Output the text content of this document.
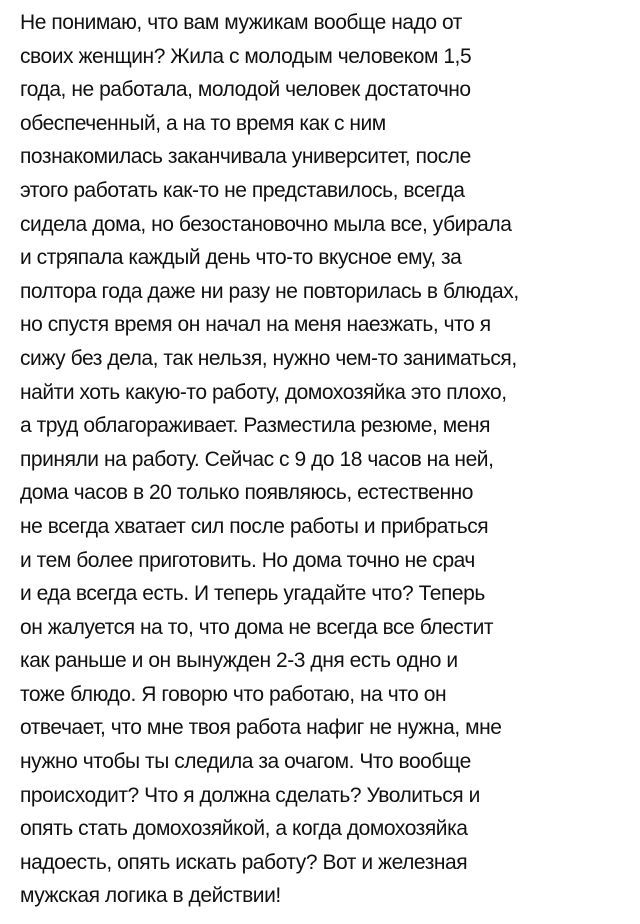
Не понимаю, что вам мужикам вообще надо от
своих женщин? Жила с молодым человеком 1,5
года, не работала, молодой человек достаточно
обеспеченный, а на то время как с ним
познакомилась заканчивала университет, после
этого работать как-то не представилось, всегда
сидела дома, но безостановочно мыла все, убирала
и стряпала каждый день что-то вкусное ему, за
полтора года даже ни разу не повторилась в блюдах,
но спустя время он начал на меня наезжать, что я
сижу без дела, так нельзя, нужно чем-то заниматься,
найти хоть какую-то работу, домохозяйка это плохо,
а труд облагораживает. Разместила резюме, меня
приняли на работу. Сейчас с 9 до 18 часов на ней,
дома часов в 20 только появляюсь, естественно
не всегда хватает сил после работы и прибраться
и тем более приготовить. Но дома точно не срач
и еда всегда есть. И теперь угадайте что? Теперь
он жалуется на то, что дома не всегда все блестит
как раньше и он вынужден 2-3 дня есть одно и
тоже блюдо. Я говорю что работаю, на что он
отвечает, что мне твоя работа нафиг не нужна, мне
нужно чтобы ты следила за очагом. Что вообще
происходит? Что я должна сделать? Уволиться и
опять стать домохозяйкой, а когда домохозяйка
надоесть, опять искать работу? Вот и железная
мужская логика в действии!
